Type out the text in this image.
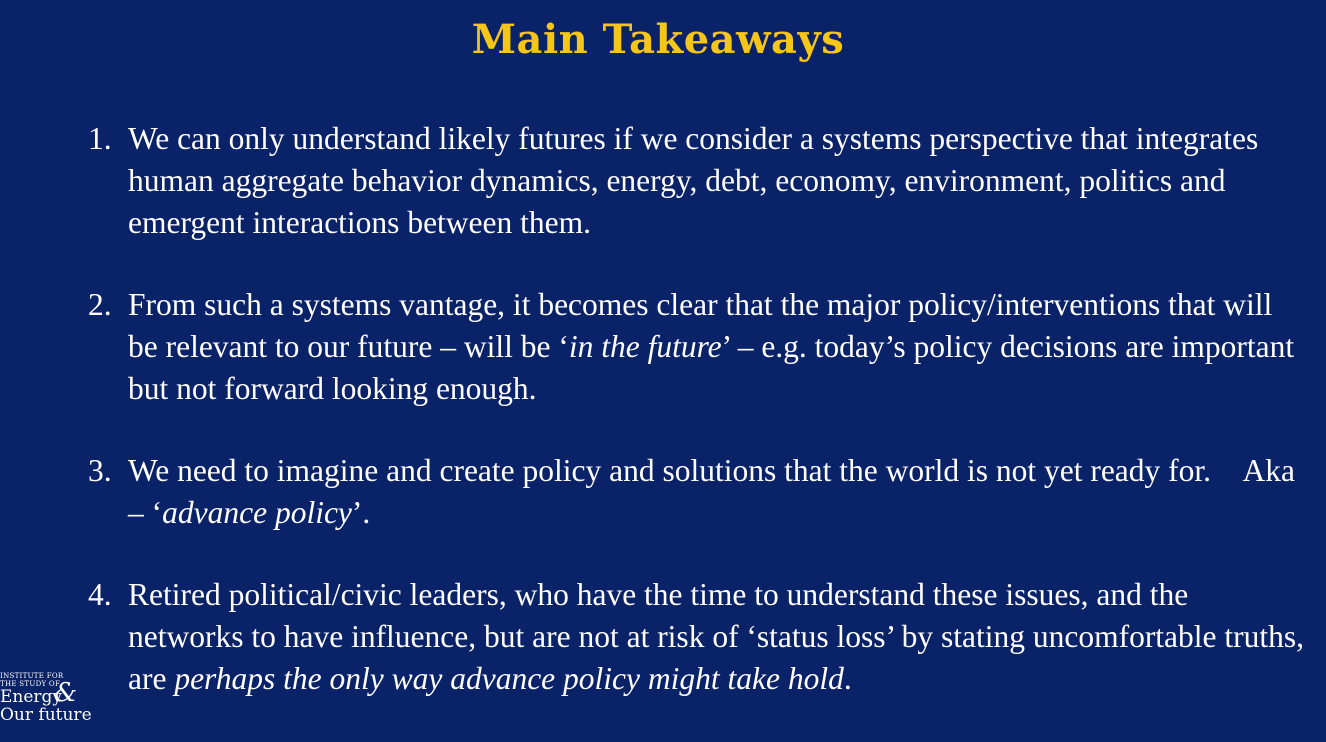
Main Takeaways
1. We can only understand likely futures if we consider a systems perspective that integrates human aggregate behavior dynamics, energy, debt, economy, environment, politics and emergent interactions between them.
2. From such a systems vantage, it becomes clear that the major policy/interventions that will be relevant to our future – will be ‘in the future’ – e.g. today’s policy decisions are important but not forward looking enough.
3. We need to imagine and create policy and solutions that the world is not yet ready for.    Aka – ‘advance policy’.
4. Retired political/civic leaders, who have the time to understand these issues, and the networks to have influence, but are not at risk of ‘status loss’ by stating uncomfortable truths, are perhaps the only way advance policy might take hold.
INSTITUTE FOR
THE STUDY OF
Energy
&
Our future
